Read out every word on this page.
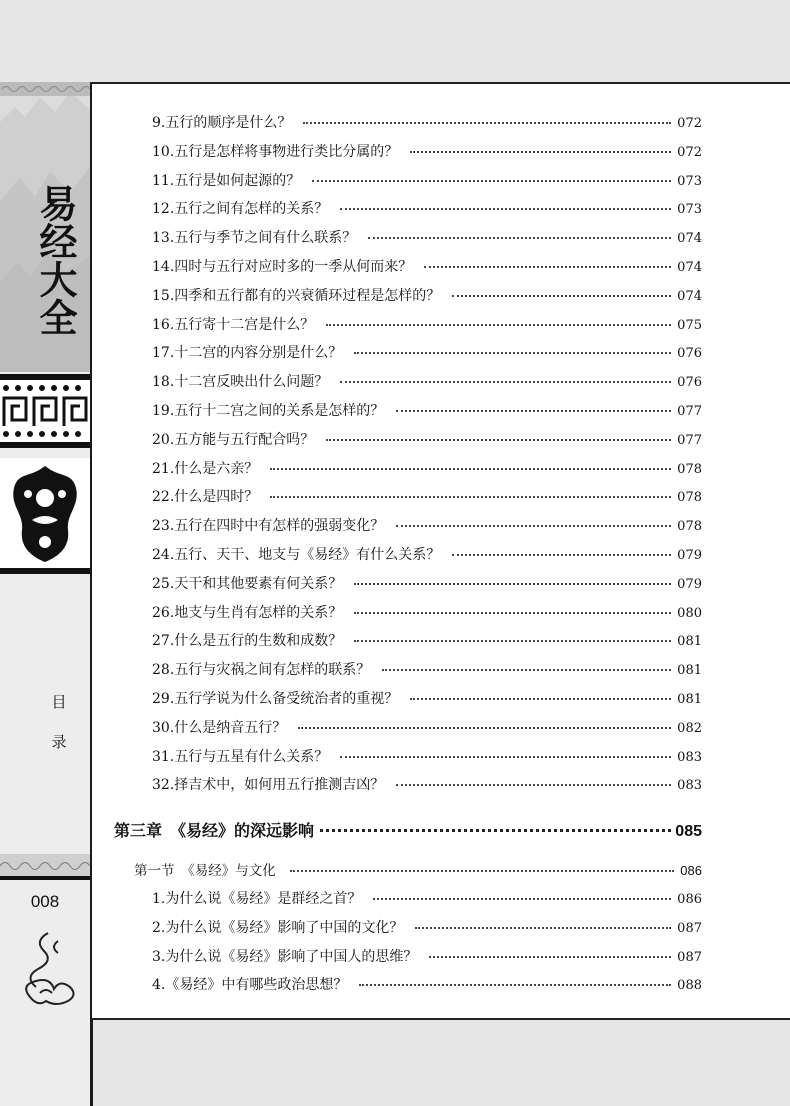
易经大全
目
录
008
9.五行的顺序是什么？	072
10.五行是怎样将事物进行类比分属的？	072
11.五行是如何起源的？	073
12.五行之间有怎样的关系？	073
13.五行与季节之间有什么联系？	074
14.四时与五行对应时多的一季从何而来？	074
15.四季和五行都有的兴衰循环过程是怎样的？	074
16.五行寄十二宫是什么？	075
17.十二宫的内容分别是什么？	076
18.十二宫反映出什么问题？	076
19.五行十二宫之间的关系是怎样的？	077
20.五方能与五行配合吗？	077
21.什么是六亲？	078
22.什么是四时？	078
23.五行在四时中有怎样的强弱变化？	078
24.五行、天干、地支与《易经》有什么关系？	079
25.天干和其他要素有何关系？	079
26.地支与生肖有怎样的关系？	080
27.什么是五行的生数和成数？	081
28.五行与灾祸之间有怎样的联系？	081
29.五行学说为什么备受统治者的重视？	081
30.什么是纳音五行？	082
31.五行与五星有什么关系？	083
32.择吉术中，如何用五行推测吉凶？	083
第三章　《易经》的深远影响	085
第一节　《易经》与文化	086
1.为什么说《易经》是群经之首？	086
2.为什么说《易经》影响了中国的文化？	087
3.为什么说《易经》影响了中国人的思维？	087
4.《易经》中有哪些政治思想？	088
